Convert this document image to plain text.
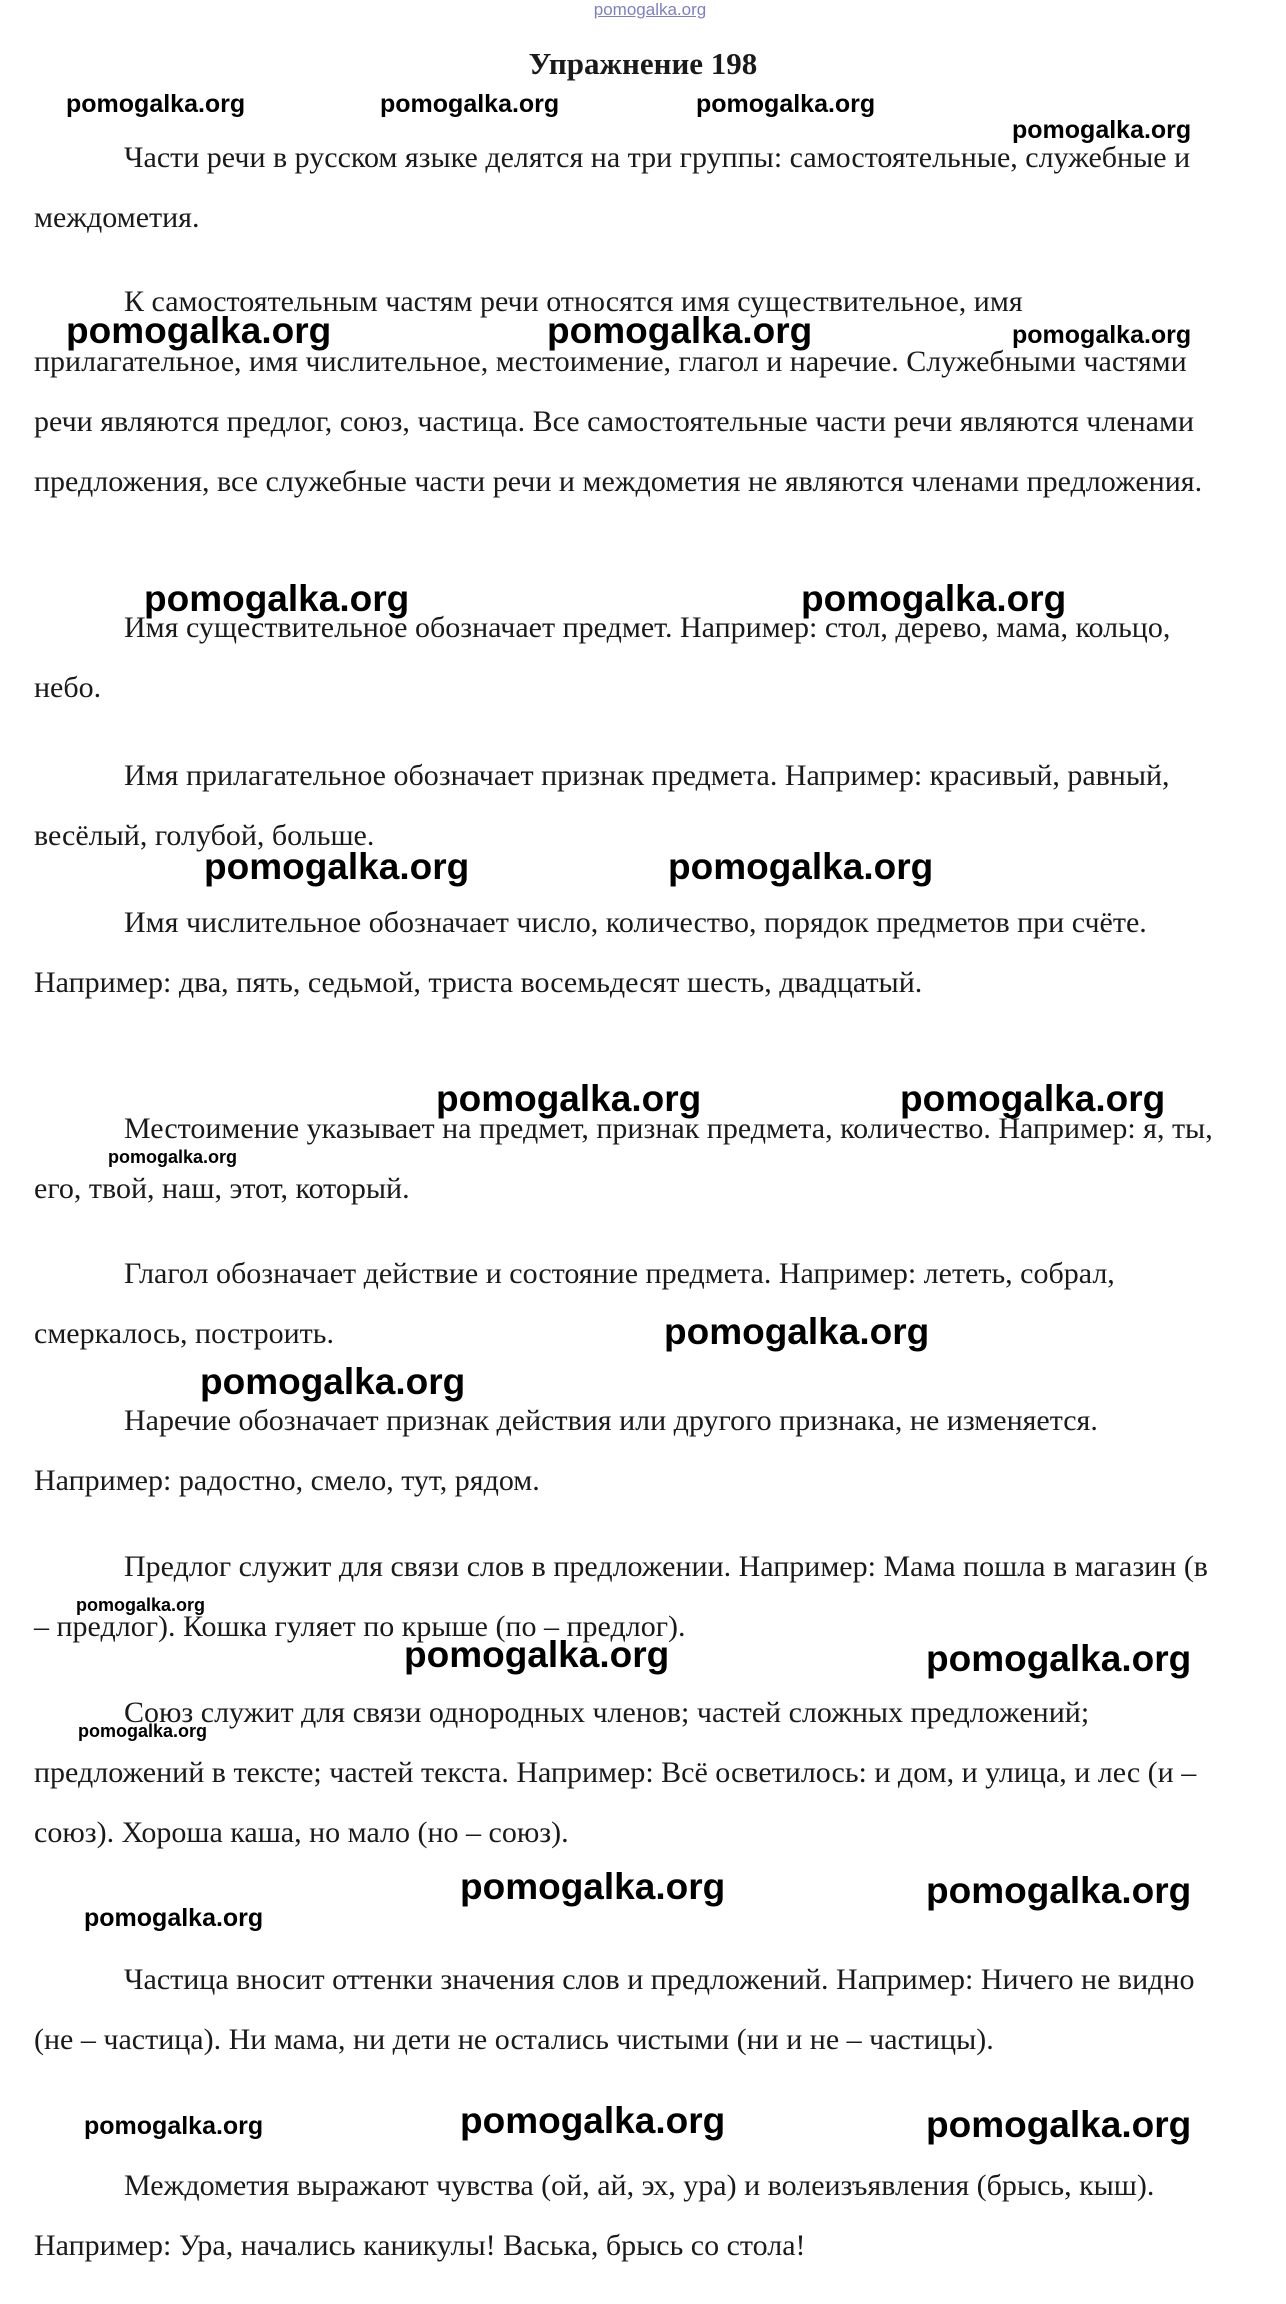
pomogalka.org
Упражнение 198

Части речи в русском языке делятся на три группы: самостоятельные, служебные и междометия.

К самостоятельным частям речи относятся имя существительное, имя прилагательное, имя числительное, местоимение, глагол и наречие. Служебными частями речи являются предлог, союз, частица. Все самостоятельные части речи являются членами предложения, все служебные части речи и междометия не являются членами предложения.

Имя существительное обозначает предмет. Например: стол, дерево, мама, кольцо, небо.

Имя прилагательное обозначает признак предмета. Например: красивый, равный, весёлый, голубой, больше.

Имя числительное обозначает число, количество, порядок предметов при счёте. Например: два, пять, седьмой, триста восемьдесят шесть, двадцатый.

Местоимение указывает на предмет, признак предмета, количество. Например: я, ты, его, твой, наш, этот, который.

Глагол обозначает действие и состояние предмета. Например: лететь, собрал, смеркалось, построить.

Наречие обозначает признак действия или другого признака, не изменяется. Например: радостно, смело, тут, рядом.

Предлог служит для связи слов в предложении. Например: Мама пошла в магазин (в – предлог). Кошка гуляет по крыше (по – предлог).

Союз служит для связи однородных членов; частей сложных предложений; предложений в тексте; частей текста. Например: Всё осветилось: и дом, и улица, и лес (и – союз). Хороша каша, но мало (но – союз).

Частица вносит оттенки значения слов и предложений. Например: Ничего не видно (не – частица). Ни мама, ни дети не остались чистыми (ни и не – частицы).

Междометия выражают чувства (ой, ай, эх, ура) и волеизъявления (брысь, кыш). Например: Ура, начались каникулы! Васька, брысь со стола!

pomogalka.org	pomogalka.org	pomogalka.org
pomogalka.org
pomogalka.org	pomogalka.org	pomogalka.org
pomogalka.org	pomogalka.org
pomogalka.org	pomogalka.org
pomogalka.org	pomogalka.org
pomogalka.org
pomogalka.org
pomogalka.org
pomogalka.org
pomogalka.org	pomogalka.org
pomogalka.org
pomogalka.org	pomogalka.org
pomogalka.org
pomogalka.org	pomogalka.org	pomogalka.org
